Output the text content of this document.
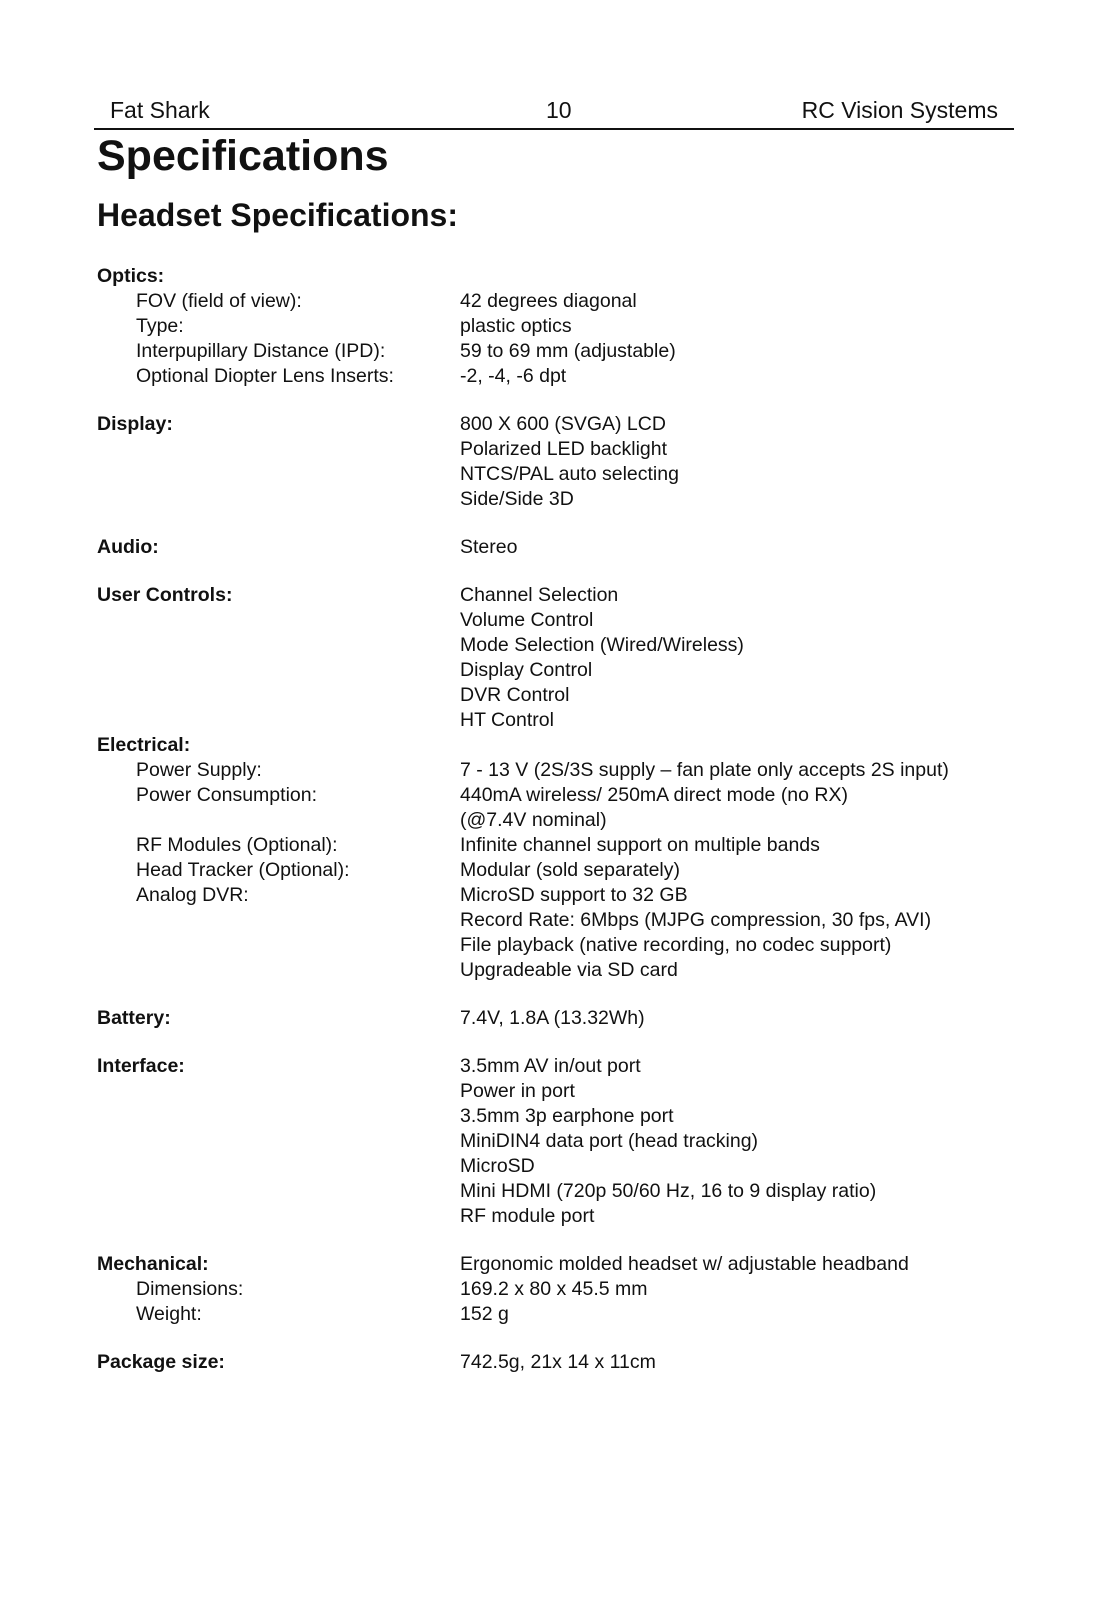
Fat Shark	10	RC Vision Systems
Specifications
Headset Specifications:
Optics:
FOV (field of view):	42 degrees diagonal
Type:	plastic optics
Interpupillary Distance (IPD):	59 to 69 mm (adjustable)
Optional Diopter Lens Inserts:	-2, -4, -6 dpt
Display:	800 X 600 (SVGA) LCD
Polarized LED backlight
NTCS/PAL auto selecting
Side/Side 3D
Audio:	Stereo
User Controls:	Channel Selection
Volume Control
Mode Selection (Wired/Wireless)
Display Control
DVR Control
HT Control
Electrical:
Power Supply:	7 - 13 V (2S/3S supply – fan plate only accepts 2S input)
Power Consumption:	440mA wireless/ 250mA direct mode (no RX)
(@7.4V nominal)
RF Modules (Optional):	Infinite channel support on multiple bands
Head Tracker (Optional):	Modular (sold separately)
Analog DVR:	MicroSD support to 32 GB
Record Rate: 6Mbps (MJPG compression, 30 fps, AVI)
File playback (native recording, no codec support)
Upgradeable via SD card
Battery:	7.4V, 1.8A (13.32Wh)
Interface:	3.5mm AV in/out port
Power in port
3.5mm 3p earphone port
MiniDIN4 data port (head tracking)
MicroSD
Mini HDMI (720p 50/60 Hz, 16 to 9 display ratio)
RF module port
Mechanical:	Ergonomic molded headset w/ adjustable headband
Dimensions:	169.2 x 80 x 45.5 mm
Weight:	152 g
Package size:	742.5g, 21x 14 x 11cm
